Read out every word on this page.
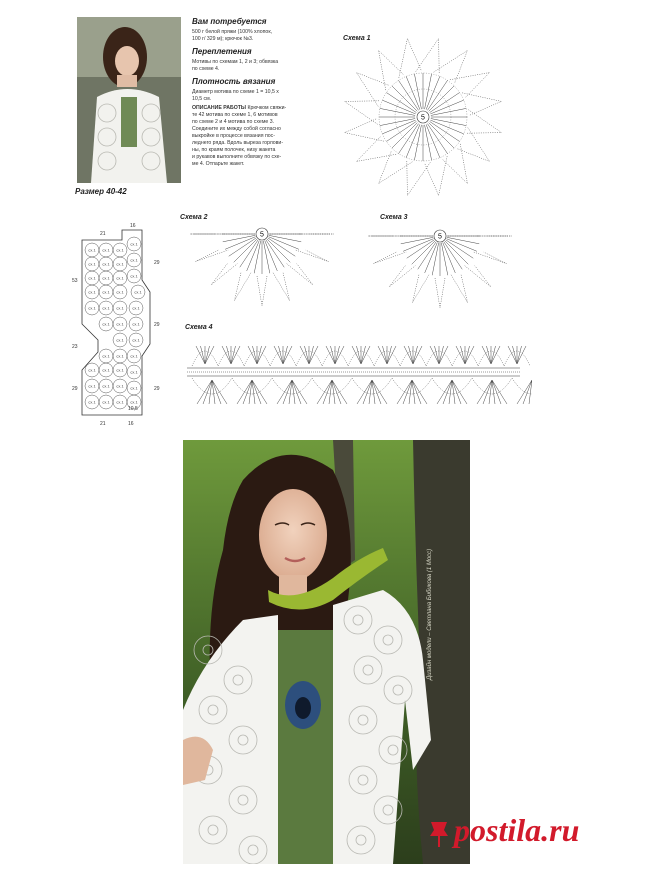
Размер 40-42
Вам потребуется

500 г белой пряжи (100% хлопок,

100 г/ 329 м); крючок №3.

Переплетения

Мотивы по схемам 1, 2 и 3; обвязка

по схеме 4.

Плотность вязания

Диаметр мотива по схеме 1 = 10,5 х

10,5 см.

ОПИСАНИЕ РАБОТЫ Крючком свяжи-

те 42 мотива по схеме 1, 6 мотивов

по схеме 2 и 4 мотива по схеме 3.

Соедините их между собой согласно

выкройке в процессе вязания пос-

леднего ряда. Вдоль выреза горлови-

ны, по краям полочек, низу жакета

и рукавов выполните обвязку по схе-

ме 4. Отпарьте жакет.

Схема 1
5
сх.1 сх.1 сх.1
сх.1
сх.1 сх.1 сх.1
сх.1
сх.1 сх.1 сх.1 сх.1
сх.1
сх.1 сх.1 сх.1
сх.1 сх.1 сх.1 сх.1
сх.1 сх.1 сх.1
сх.1
сх.1
сх.1 сх.1 сх.1
сх.1 сх.1 сх.1 сх.1
сх.1 сх.1 сх.1 сх.1
сх.1 сх.1 сх.1 сх.1
21
16
53
23
29
29
29
29
21	16
10,5
Схема 2
5
Схема 3
5
Схема 4
Дизайн модели – Светлана Бибикова (1 Мосс)
postila.ru
